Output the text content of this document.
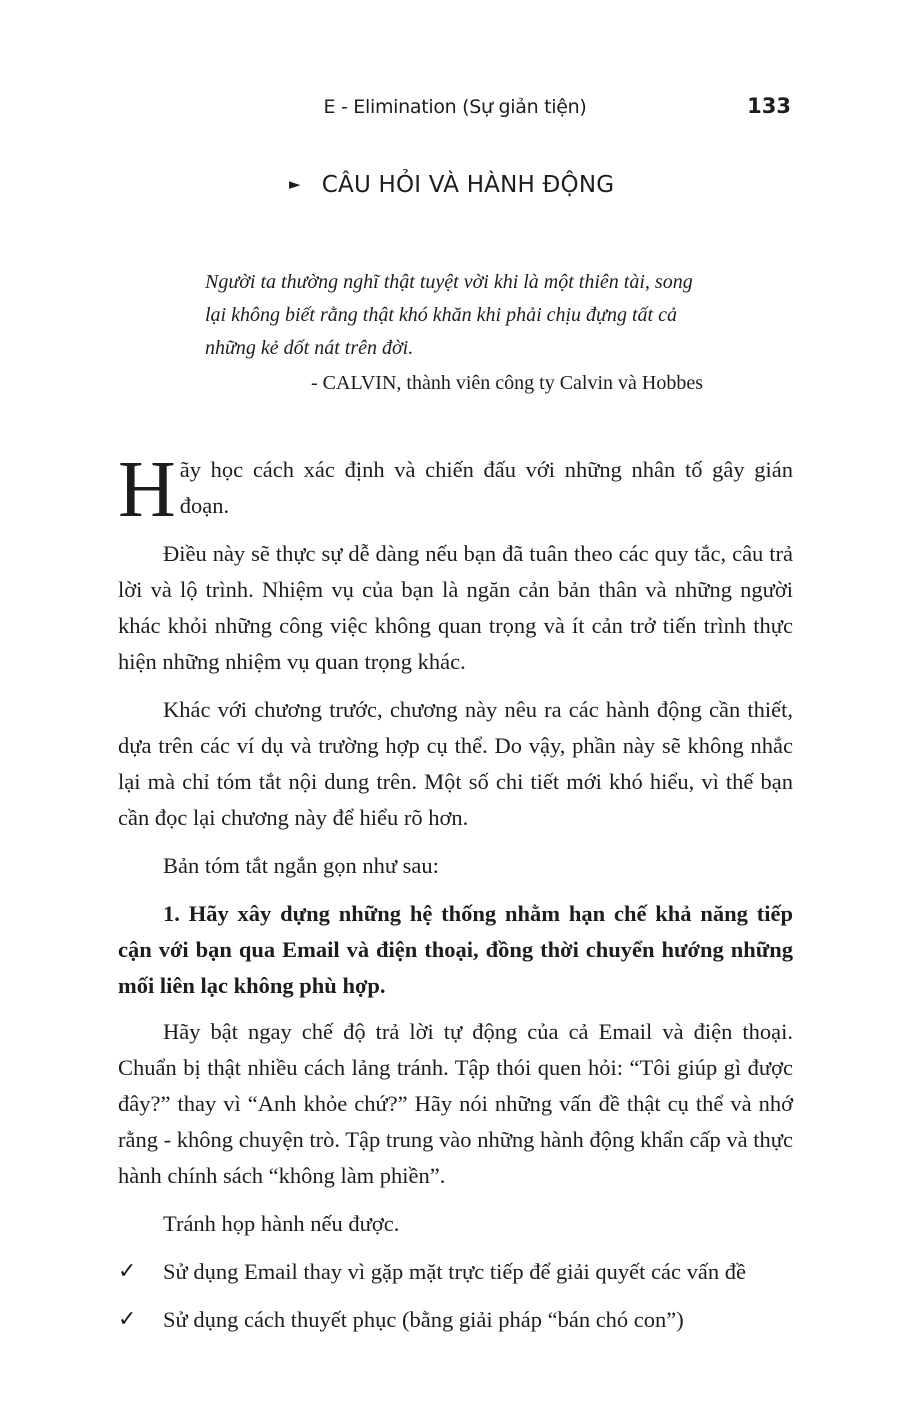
E - Elimination (Sự giản tiện)	133
► CÂU HỎI VÀ HÀNH ĐỘNG
Người ta thường nghĩ thật tuyệt vời khi là một thiên tài, song lại không biết rằng thật khó khăn khi phải chịu đựng tất cả những kẻ dốt nát trên đời.
- CALVIN, thành viên công ty Calvin và Hobbes

Hãy học cách xác định và chiến đấu với những nhân tố gây gián đoạn.

Điều này sẽ thực sự dễ dàng nếu bạn đã tuân theo các quy tắc, câu trả lời và lộ trình. Nhiệm vụ của bạn là ngăn cản bản thân và những người khác khỏi những công việc không quan trọng và ít cản trở tiến trình thực hiện những nhiệm vụ quan trọng khác.

Khác với chương trước, chương này nêu ra các hành động cần thiết, dựa trên các ví dụ và trường hợp cụ thể. Do vậy, phần này sẽ không nhắc lại mà chỉ tóm tắt nội dung trên. Một số chi tiết mới khó hiểu, vì thế bạn cần đọc lại chương này để hiểu rõ hơn.

Bản tóm tắt ngắn gọn như sau:

1. Hãy xây dựng những hệ thống nhằm hạn chế khả năng tiếp cận với bạn qua Email và điện thoại, đồng thời chuyển hướng những mối liên lạc không phù hợp.

Hãy bật ngay chế độ trả lời tự động của cả Email và điện thoại. Chuẩn bị thật nhiều cách lảng tránh. Tập thói quen hỏi: “Tôi giúp gì được đây?” thay vì “Anh khỏe chứ?” Hãy nói những vấn đề thật cụ thể và nhớ rằng - không chuyện trò. Tập trung vào những hành động khẩn cấp và thực hành chính sách “không làm phiền”.

Tránh họp hành nếu được.

✓ Sử dụng Email thay vì gặp mặt trực tiếp để giải quyết các vấn đề
✓ Sử dụng cách thuyết phục (bằng giải pháp “bán chó con”)
